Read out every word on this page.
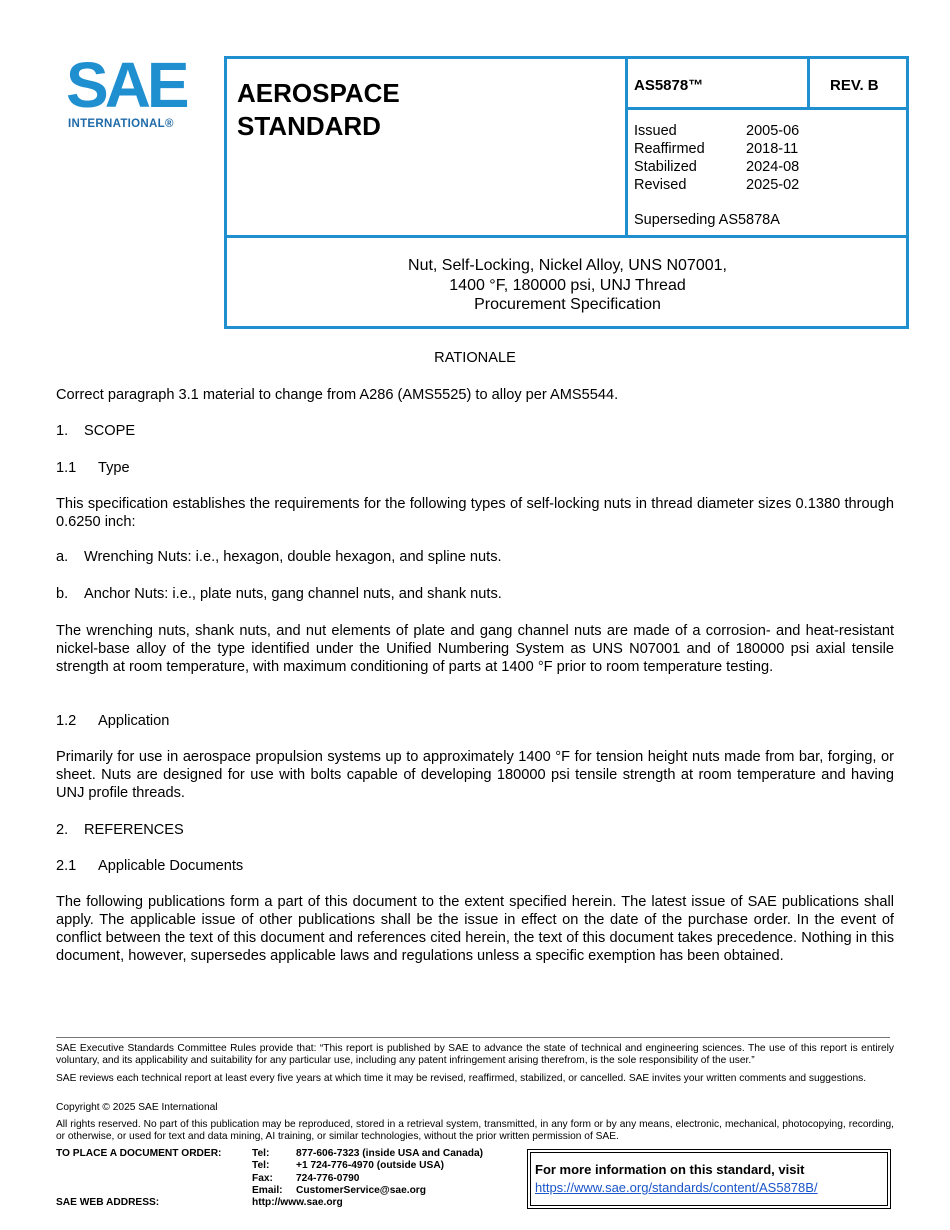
SAE
INTERNATIONAL®
AEROSPACE
STANDARD
AS5878™	REV. B
Issued	2005-06
Reaffirmed	2018-11
Stabilized	2024-08
Revised	2025-02
Superseding AS5878A
Nut, Self-Locking, Nickel Alloy, UNS N07001,
1400 °F, 180000 psi, UNJ Thread
Procurement Specification
RATIONALE
Correct paragraph 3.1 material to change from A286 (AMS5525) to alloy per AMS5544.
1. SCOPE
1.1 Type
This specification establishes the requirements for the following types of self-locking nuts in thread diameter sizes 0.1380 through 0.6250 inch:
a. Wrenching Nuts: i.e., hexagon, double hexagon, and spline nuts.
b. Anchor Nuts: i.e., plate nuts, gang channel nuts, and shank nuts.
The wrenching nuts, shank nuts, and nut elements of plate and gang channel nuts are made of a corrosion- and heat-resistant nickel-base alloy of the type identified under the Unified Numbering System as UNS N07001 and of 180000 psi axial tensile strength at room temperature, with maximum conditioning of parts at 1400 °F prior to room temperature testing.
1.2 Application
Primarily for use in aerospace propulsion systems up to approximately 1400 °F for tension height nuts made from bar, forging, or sheet. Nuts are designed for use with bolts capable of developing 180000 psi tensile strength at room temperature and having UNJ profile threads.
2. REFERENCES
2.1 Applicable Documents
The following publications form a part of this document to the extent specified herein. The latest issue of SAE publications shall apply. The applicable issue of other publications shall be the issue in effect on the date of the purchase order. In the event of conflict between the text of this document and references cited herein, the text of this document takes precedence. Nothing in this document, however, supersedes applicable laws and regulations unless a specific exemption has been obtained.
SAE Executive Standards Committee Rules provide that: “This report is published by SAE to advance the state of technical and engineering sciences. The use of this report is entirely voluntary, and its applicability and suitability for any particular use, including any patent infringement arising therefrom, is the sole responsibility of the user.”
SAE reviews each technical report at least every five years at which time it may be revised, reaffirmed, stabilized, or cancelled. SAE invites your written comments and suggestions.
Copyright © 2025 SAE International
All rights reserved. No part of this publication may be reproduced, stored in a retrieval system, transmitted, in any form or by any means, electronic, mechanical, photocopying, recording, or otherwise, or used for text and data mining, AI training, or similar technologies, without the prior written permission of SAE.
TO PLACE A DOCUMENT ORDER:
SAE WEB ADDRESS:
Tel:	877-606-7323 (inside USA and Canada)
Tel:	+1 724-776-4970 (outside USA)
Fax:	724-776-0790
Email:	CustomerService@sae.org
http://www.sae.org
For more information on this standard, visit
https://www.sae.org/standards/content/AS5878B/
